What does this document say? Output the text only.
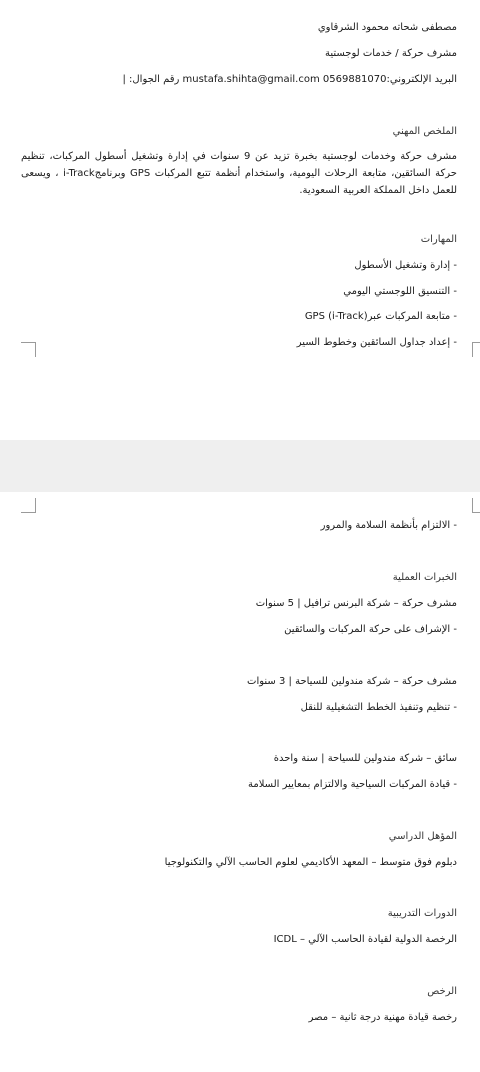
مصطفى شحاته محمود الشرقاوي
مشرف حركة / خدمات لوجستية
البريد الإلكتروني:mustafa.shihta@gmail.com 0569881070 رقم الجوال: |
الملخص المهني
مشرف حركة وخدمات لوجستية بخبرة تزيد عن 9 سنوات في إدارة وتشغيل أسطول المركبات، تنظيم حركة السائقين، متابعة الرحلات اليومية، واستخدام أنظمة تتبع المركبات GPS وبرنامجi-Track ، ويسعى للعمل داخل المملكة العربية السعودية.
المهارات
- إدارة وتشغيل الأسطول
- التنسيق اللوجستي اليومي
- متابعة المركبات عبر(i-Track) GPS
- إعداد جداول السائقين وخطوط السير
- الالتزام بأنظمة السلامة والمرور
الخبرات العملية
مشرف حركة – شركة البرنس ترافيل | 5 سنوات
- الإشراف على حركة المركبات والسائقين
مشرف حركة – شركة مندولين للسياحة | 3 سنوات
- تنظيم وتنفيذ الخطط التشغيلية للنقل
سائق – شركة مندولين للسياحة | سنة واحدة
- قيادة المركبات السياحية والالتزام بمعايير السلامة
المؤهل الدراسي
دبلوم فوق متوسط – المعهد الأكاديمي لعلوم الحاسب الآلي والتكنولوجيا
الدورات التدريبية
الرخصة الدولية لقيادة الحاسب الآلي – ICDL
الرخص
رخصة قيادة مهنية درجة ثانية – مصر
